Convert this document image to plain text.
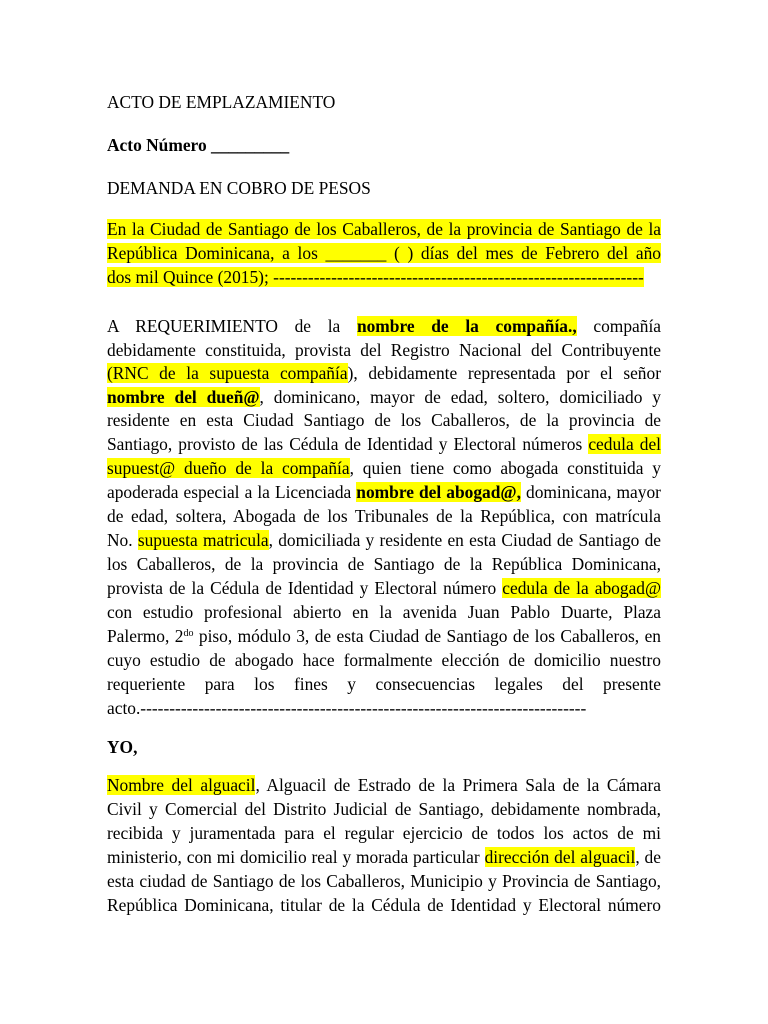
ACTO DE EMPLAZAMIENTO
Acto Número _________
DEMANDA EN COBRO DE PESOS
En la Ciudad de Santiago de los Caballeros, de la provincia de Santiago de la
República Dominicana, a los _______ ( ) días del mes de Febrero del año
dos mil Quince (2015); ----------------------------------------------------------------
A REQUERIMIENTO de la nombre de la compañía., compañía
debidamente constituida, provista del Registro Nacional del Contribuyente
(RNC de la supuesta compañía), debidamente representada por el señor
nombre del dueñ@, dominicano, mayor de edad, soltero, domiciliado y
residente en esta Ciudad Santiago de los Caballeros, de la provincia de
Santiago, provisto de las Cédula de Identidad y Electoral números cedula del
supuest@ dueño de la compañía, quien tiene como abogada constituida y
apoderada especial a la Licenciada nombre del abogad@, dominicana, mayor
de edad, soltera, Abogada de los Tribunales de la República, con matrícula
No. supuesta matricula, domiciliada y residente en esta Ciudad de Santiago de
los Caballeros, de la provincia de Santiago de la República Dominicana,
provista de la Cédula de Identidad y Electoral número cedula de la abogad@
con estudio profesional abierto en la avenida Juan Pablo Duarte, Plaza
Palermo, $2^{do}$ piso, módulo 3, de esta Ciudad de Santiago de los Caballeros, en
cuyo estudio de abogado hace formalmente elección de domicilio nuestro
requeriente para los fines y consecuencias legales del presente
acto.-----------------------------------------------------------------------------
YO,
Nombre del alguacil, Alguacil de Estrado de la Primera Sala de la Cámara
Civil y Comercial del Distrito Judicial de Santiago, debidamente nombrada,
recibida y juramentada para el regular ejercicio de todos los actos de mi
ministerio, con mi domicilio real y morada particular dirección del alguacil, de
esta ciudad de Santiago de los Caballeros, Municipio y Provincia de Santiago,
República Dominicana, titular de la Cédula de Identidad y Electoral número
